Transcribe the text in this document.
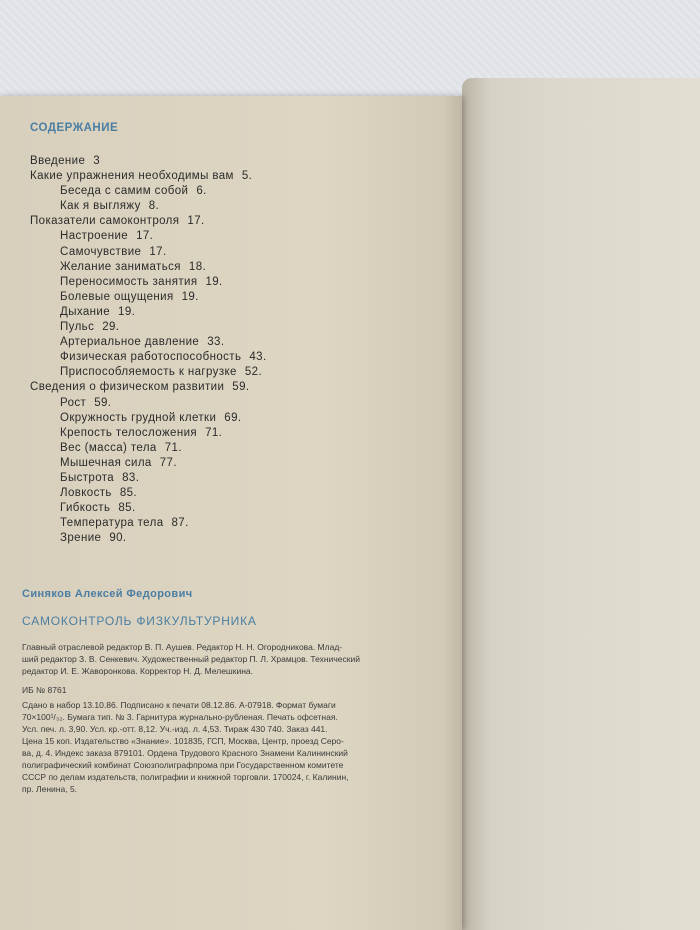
СОДЕРЖАНИЕ
Введение 3
Какие упражнения необходимы вам 5.
Беседа с самим собой 6.
Как я выгляжу 8.
Показатели самоконтроля 17.
Настроение 17.
Самочувствие 17.
Желание заниматься 18.
Переносимость занятия 19.
Болевые ощущения 19.
Дыхание 19.
Пульс 29.
Артериальное давление 33.
Физическая работоспособность 43.
Приспособляемость к нагрузке 52.
Сведения о физическом развитии 59.
Рост 59.
Окружность грудной клетки 69.
Крепость телосложения 71.
Вес (масса) тела 71.
Мышечная сила 77.
Быстрота 83.
Ловкость 85.
Гибкость 85.
Температура тела 87.
Зрение 90.
Синяков Алексей Федорович
САМОКОНТРОЛЬ ФИЗКУЛЬТУРНИКА
Главный отраслевой редактор В. П. Аушев. Редактор Н. Н. Огородникова. Млад-
ший редактор З. В. Сенкевич. Художественный редактор П. Л. Храмцов. Технический
редактор И. Е. Жаворонкова. Корректор Н. Д. Мелешкина.
ИБ № 8761
Сдано в набор 13.10.86. Подписано к печати 08.12.86. А-07918. Формат бумаги
70×100¹/₃₂. Бумага тип. № 3. Гарнитура журнально-рубленая. Печать офсетная.
Усл. печ. л. 3,90. Усл. кр.-отт. 8,12. Уч.-изд. л. 4,53. Тираж 430 740. Заказ 441.
Цена 15 коп. Издательство «Знание». 101835, ГСП, Москва, Центр, проезд Серо-
ва, д. 4. Индекс заказа 879101. Ордена Трудового Красного Знамени Калининский
полиграфический комбинат Союзполиграфпрома при Государственном комитете
СССР по делам издательств, полиграфии и книжной торговли. 170024, г. Калинин,
пр. Ленина, 5.
